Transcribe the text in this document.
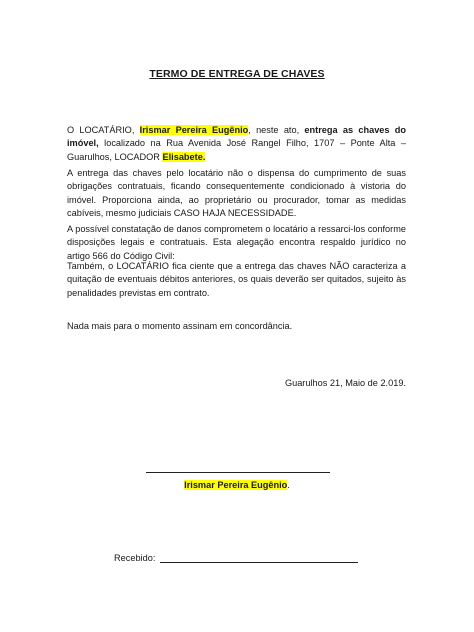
TERMO DE ENTREGA DE CHAVES
O LOCATÁRIO, Irismar Pereira Eugênio, neste ato, entrega as chaves do imóvel, localizado na Rua Avenida José Rangel Filho, 1707 – Ponte Alta – Guarulhos, LOCADOR Elisabete.
A entrega das chaves pelo locatário não o dispensa do cumprimento de suas obrigações contratuais, ficando consequentemente condicionado à vistoria do imóvel. Proporciona ainda, ao proprietário ou procurador, tomar as medidas cabíveis, mesmo judiciais CASO HAJA NECESSIDADE.
A possível constatação de danos comprometem o locatário a ressarci-los conforme disposições legais e contratuais. Esta alegação encontra respaldo jurídico no artigo 566 do Código Civil:
Também, o LOCATÁRIO fica ciente que a entrega das chaves NÃO caracteriza a quitação de eventuais débitos anteriores, os quais deverão ser quitados, sujeito às penalidades previstas em contrato.
Nada mais para o momento assinam em concordância.
Guarulhos 21, Maio de 2.019.
Irismar Pereira Eugênio.
Recebido:
